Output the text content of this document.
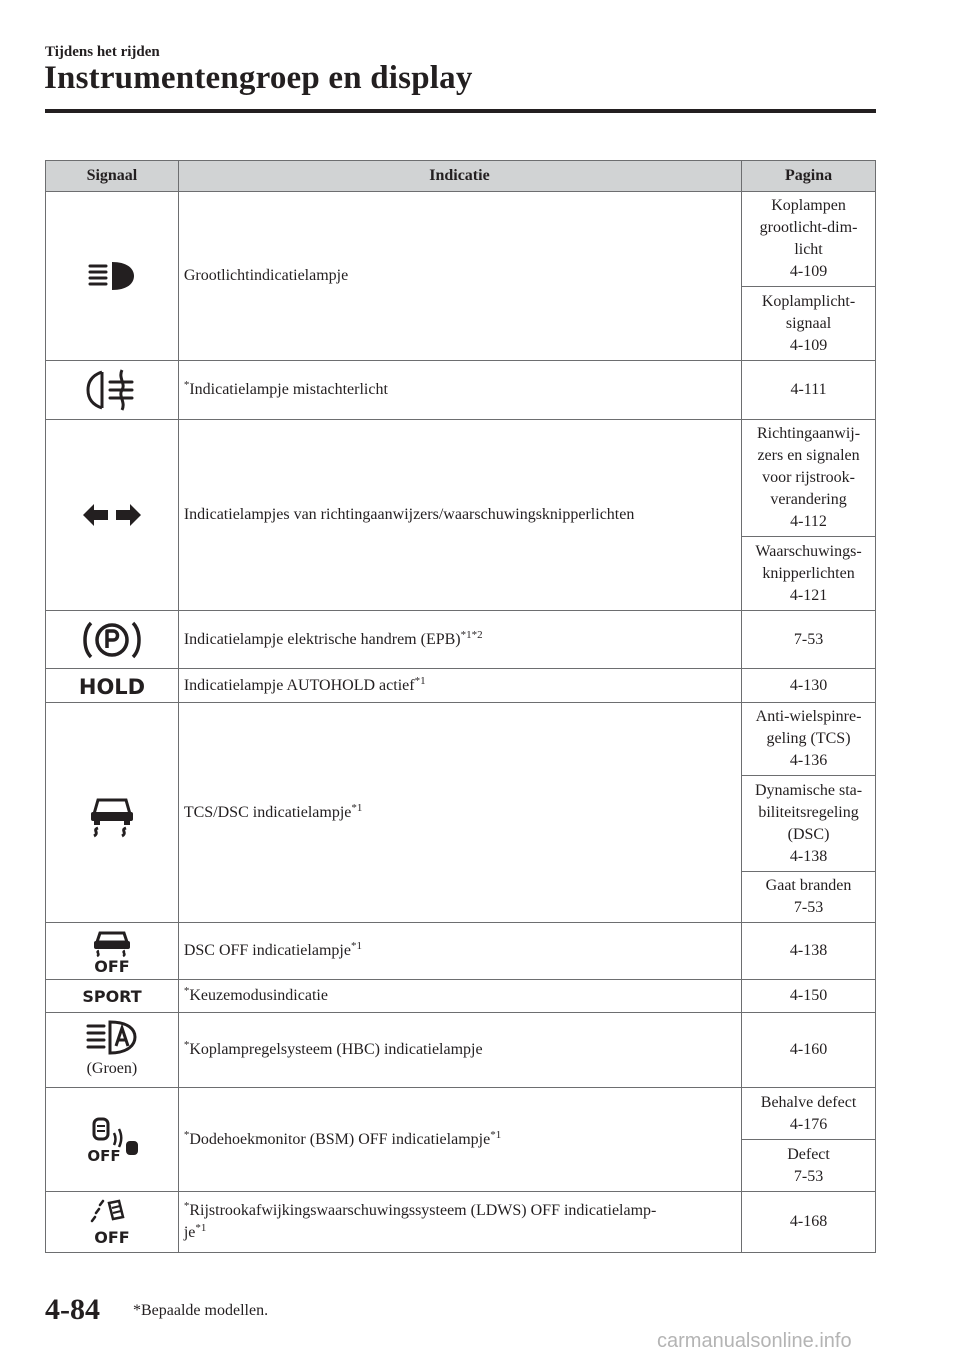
Tijdens het rijden
Instrumentengroep en display
Signaal	Indicatie	Pagina

	Grootlichtindicatielampje	Koplampen
grootlicht-dim-
licht
4-109

		Koplamplicht-
signaal
4-109

	*Indicatielampje mistachterlicht	4-111

	Indicatielampjes van richtingaanwijzers/waarschuwingsknipperlichten	Richtingaanwij-
zers en signalen
voor rijstrook-
verandering
4-112

		Waarschuwings-
knipperlichten
4-121

	Indicatielampje elektrische handrem (EPB)$^{*1*2}$	7-53

HOLD	Indicatielampje AUTOHOLD actief$^{*1}$	4-130

	TCS/DSC indicatielampje$^{*1}$	Anti-wielspinre-
geling (TCS)
4-136

		Dynamische sta-
biliteitsregeling
(DSC)
4-138

		Gaat branden
7-53

OFF	DSC OFF indicatielampje$^{*1}$	4-138

SPORT	*Keuzemodusindicatie	4-150

(Groen)	*Koplampregelsysteem (HBC) indicatielampje	4-160

OFF	*Dodehoekmonitor (BSM) OFF indicatielampje$^{*1}$	Behalve defect
4-176

		Defect
7-53

OFF	*Rijstrookafwijkingswaarschuwingssysteem (LDWS) OFF indicatielamp-
$je^{*1}$	4-168
4-84 *Bepaalde modellen.
carmanualsonline.info
